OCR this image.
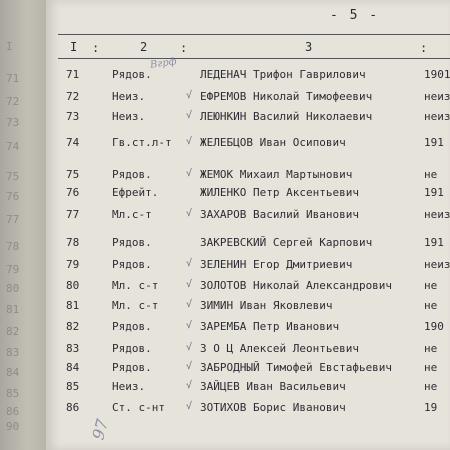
I
71
72
73
74
75
76
77
78
79
80
81
82
83
84
85
86
90
- 5 -
I :	2	:	3	:
Вгрф
97
71	Рядов.	ЛЕДЕНАЧ Трифон Гаврилович	1901
72	Неиз.	√ ЕФРЕМОВ Николай Тимофеевич	неиз
73	Неиз.	√ ЛЕЮНКИН Василий Николаевич	неиз
74	Гв.ст.л-т √ ЖЕЛЕБЦОВ Иван Осипович	191
75	Рядов.	√ ЖЕМОК Михаил Мартынович	не
76	Ефрейт.	ЖИЛЕНКО Петр Аксентьевич	191
77	Мл.с-т	√ ЗАХАРОВ Василий Иванович	неиз
78	Рядов.	ЗАКРЕВСКИЙ Сергей Карпович	191
79	Рядов.	√ ЗЕЛЕНИН Егор Дмитриевич	неиз
80	Мл. с-т	√ ЗОЛОТОВ Николай Александрович	не
81	Мл. с-т	√ ЗИМИН Иван Яковлевич	не
82	Рядов.	√ ЗАРЕМБА Петр Иванович	190
83	Рядов.	√ З О Ц Алексей Леонтьевич	не
84	Рядов.	√ ЗАБРОДНЫЙ Тимофей Евстафьевич	не
85	Неиз.	√ ЗАЙЦЕВ Иван Васильевич	не
86	Ст. с-нт √ ЗОТИХОВ Борис Иванович	19
